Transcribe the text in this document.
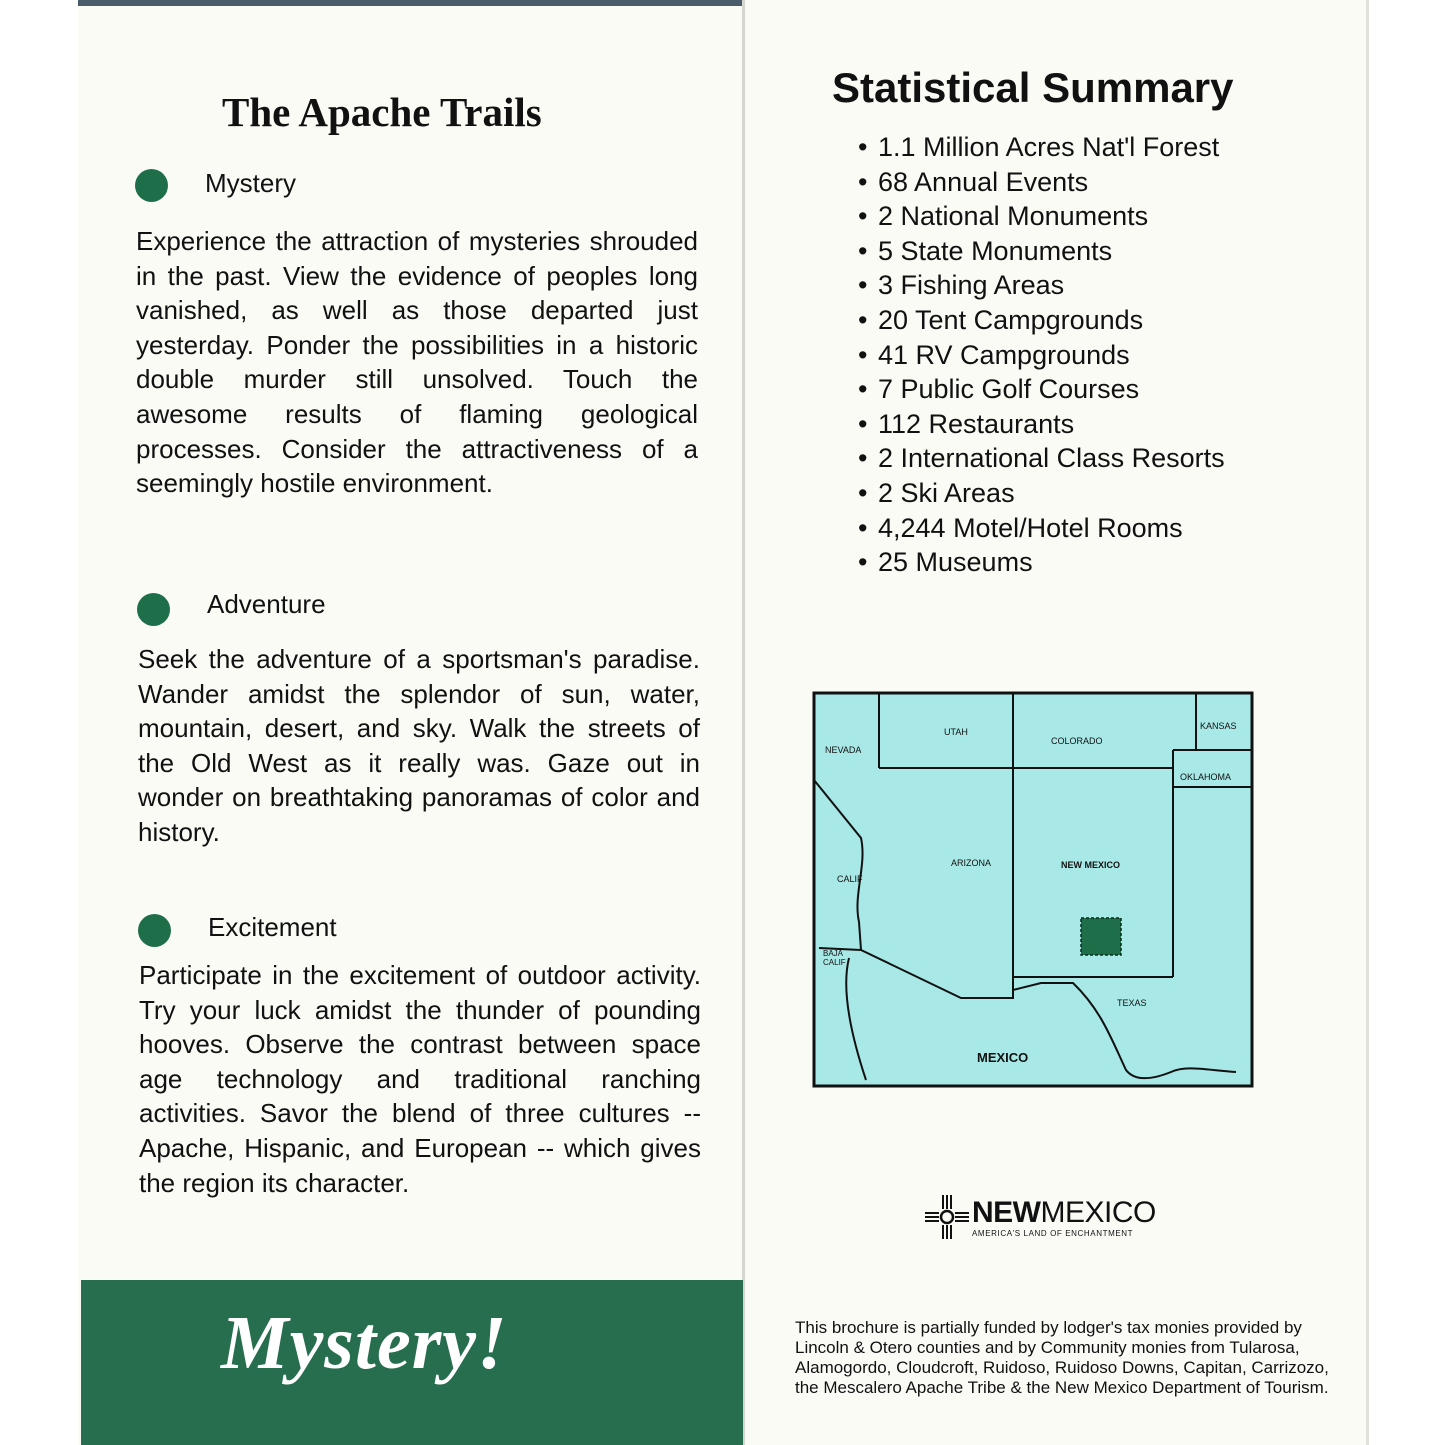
The Apache Trails
Mystery
Experience the attraction of mysteries shrouded in the past. View the evidence of peoples long vanished, as well as those departed just yesterday. Ponder the possibilities in a historic double murder still unsolved. Touch the awesome results of flaming geological processes. Consider the attractiveness of a seemingly hostile environment.
Adventure
Seek the adventure of a sportsman's paradise. Wander amidst the splendor of sun, water, mountain, desert, and sky. Walk the streets of the Old West as it really was. Gaze out in wonder on breathtaking panoramas of color and history.
Excitement
Participate in the excitement of outdoor activity. Try your luck amidst the thunder of pounding hooves. Observe the contrast between space age technology and traditional ranching activities. Savor the blend of three cultures -- Apache, Hispanic, and European -- which gives the region its character.
Mystery!
Statistical Summary
• 1.1 Million Acres Nat'l Forest
• 68 Annual Events
• 2 National Monuments
• 5 State Monuments
• 3 Fishing Areas
• 20 Tent Campgrounds
• 41 RV Campgrounds
• 7 Public Golf Courses
• 112 Restaurants
• 2 International Class Resorts
• 2 Ski Areas
• 4,244 Motel/Hotel Rooms
• 25 Museums
NEVADA
UTAH
COLORADO
KANSAS
OKLAHOMA
ARIZONA	NEW MEXICO
CALIF
BAJA
CALIF
TEXAS
MEXICO
NEWMEXICO
AMERICA'S LAND OF ENCHANTMENT
This brochure is partially funded by lodger's tax monies provided by Lincoln & Otero counties and by Community monies from Tularosa, Alamogordo, Cloudcroft, Ruidoso, Ruidoso Downs, Capitan, Carrizozo, the Mescalero Apache Tribe & the New Mexico Department of Tourism.
